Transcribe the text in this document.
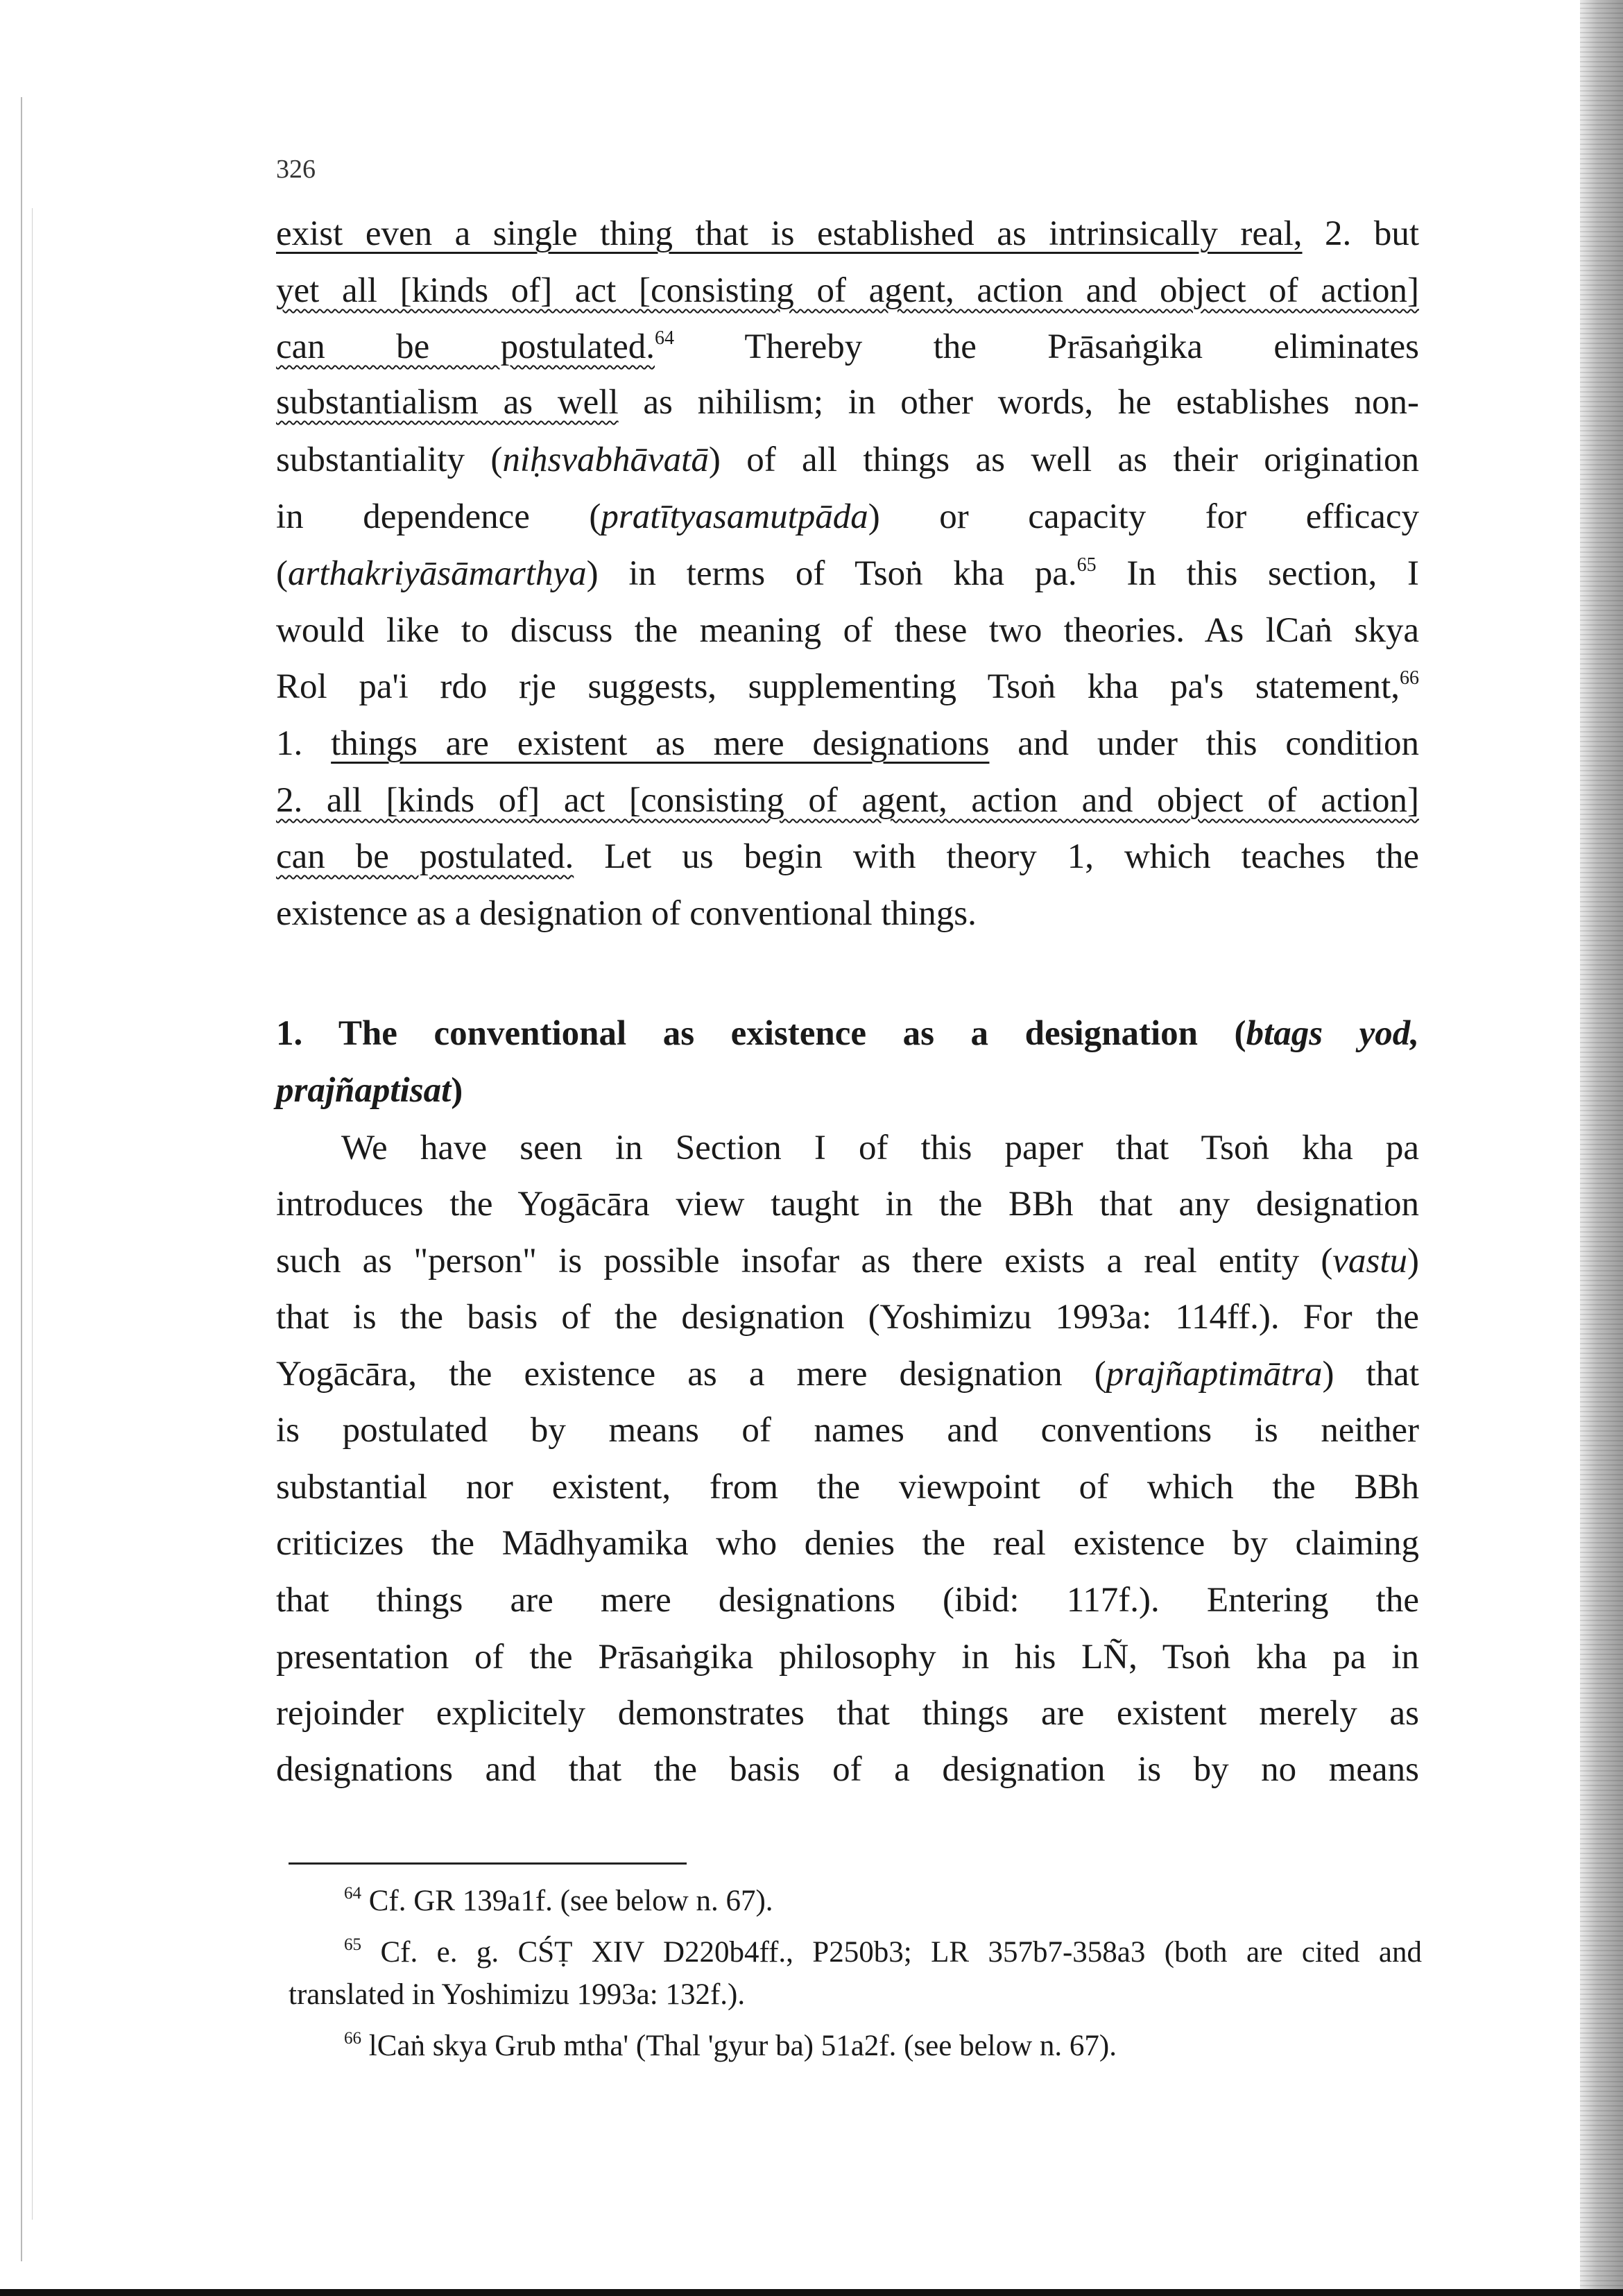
326
exist even a single thing that is established as intrinsically real, 2. but
yet all [kinds of] act [consisting of agent, action and object of action]
can be postulated.$^{64}$ Thereby the Prāsaṅgika eliminates
substantialism as well as nihilism; in other words, he establishes non-
substantiality (niḥsvabhāvatā) of all things as well as their origination
in dependence (pratītyasamutpāda) or capacity for efficacy
(arthakriyāsāmarthya) in terms of Tsoṅ kha pa.$^{65}$ In this section, I
would like to discuss the meaning of these two theories. As lCaṅ skya
Rol pa'i rdo rje suggests, supplementing Tsoṅ kha pa's statement,$^{66}$
1. things are existent as mere designations and under this condition
2. all [kinds of] act [consisting of agent, action and object of action]
can be postulated. Let us begin with theory 1, which teaches the
existence as a designation of conventional things.
1. The conventional as existence as a designation (btags yod,
prajñaptisat)
We have seen in Section I of this paper that Tsoṅ kha pa
introduces the Yogācāra view taught in the BBh that any designation
such as "person" is possible insofar as there exists a real entity (vastu)
that is the basis of the designation (Yoshimizu 1993a: 114ff.). For the
Yogācāra, the existence as a mere designation (prajñaptimātra) that
is postulated by means of names and conventions is neither
substantial nor existent, from the viewpoint of which the BBh
criticizes the Mādhyamika who denies the real existence by claiming
that things are mere designations (ibid: 117f.). Entering the
presentation of the Prāsaṅgika philosophy in his LÑ, Tsoṅ kha pa in
rejoinder explicitely demonstrates that things are existent merely as
designations and that the basis of a designation is by no means
$^{64}$ Cf. GR 139a1f. (see below n. 67).
$^{65}$ Cf. e. g. CŚṬ XIV D220b4ff., P250b3; LR 357b7-358a3 (both are cited and
translated in Yoshimizu 1993a: 132f.).
$^{66}$ lCaṅ skya Grub mtha' (Thal 'gyur ba) 51a2f. (see below n. 67).
